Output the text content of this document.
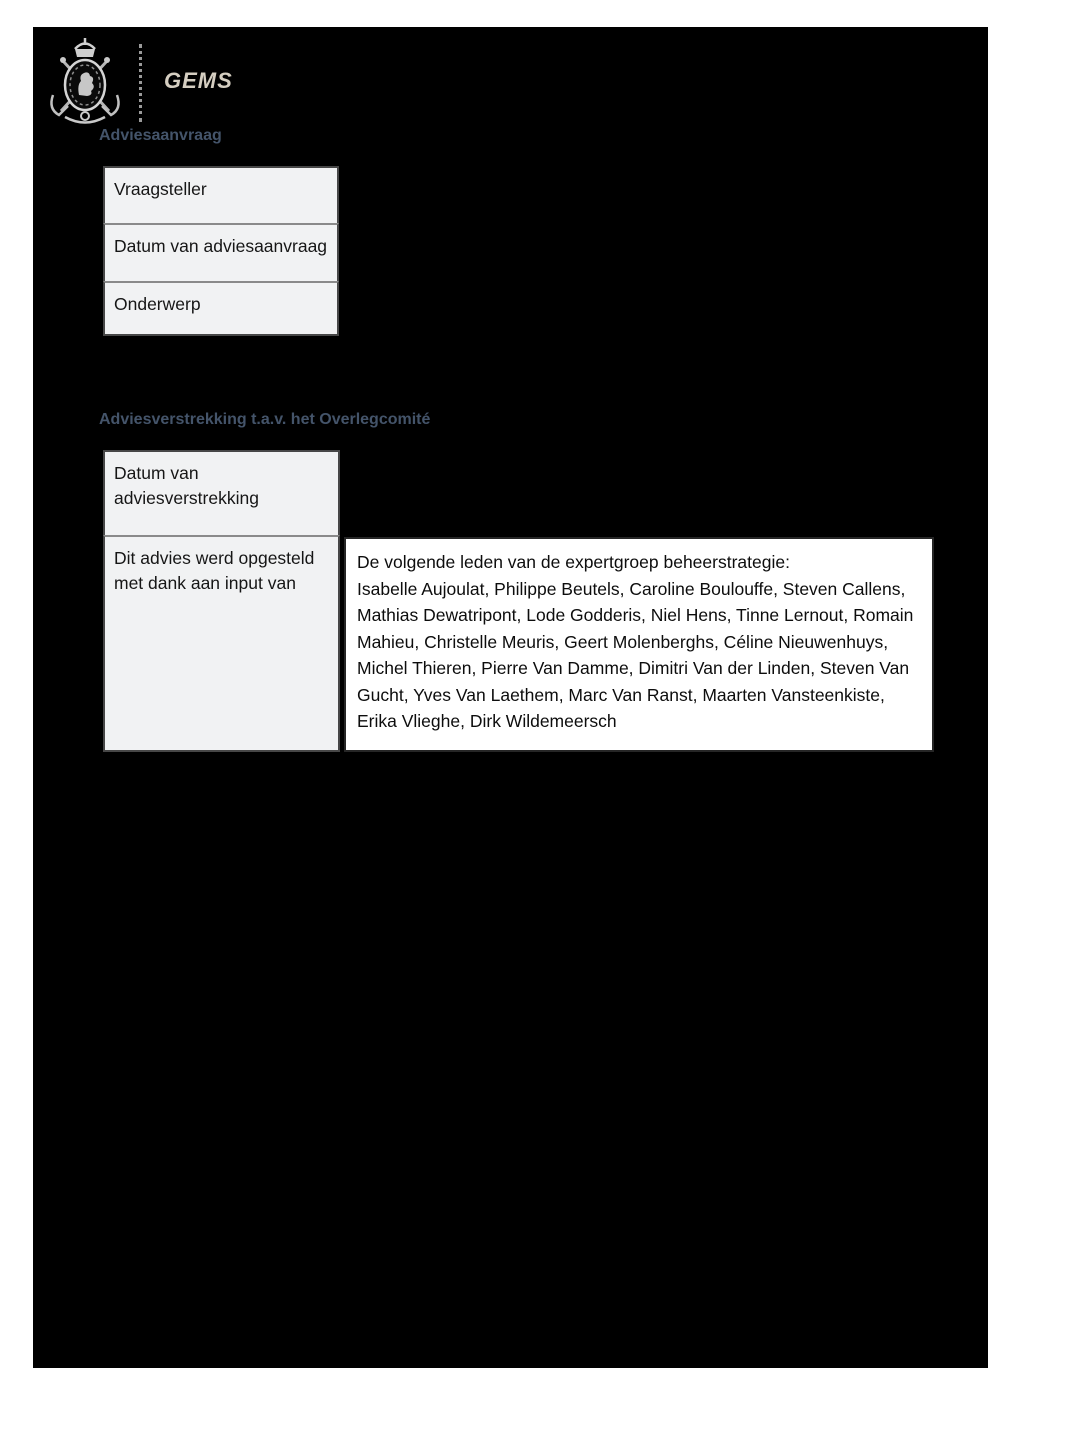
GEMS
Adviesaanvraag
Vraagsteller
Datum van adviesaanvraag
Onderwerp
Adviesverstrekking t.a.v. het Overlegcomité
Datum van adviesverstrekking
Dit advies werd opgesteld met dank aan input van
De volgende leden van de expertgroep beheerstrategie:
Isabelle Aujoulat, Philippe Beutels, Caroline Boulouffe, Steven Callens, Mathias Dewatripont, Lode Godderis, Niel Hens, Tinne Lernout, Romain Mahieu, Christelle Meuris, Geert Molenberghs, Céline Nieuwenhuys, Michel Thieren, Pierre Van Damme, Dimitri Van der Linden, Steven Van Gucht, Yves Van Laethem, Marc Van Ranst, Maarten Vansteenkiste, Erika Vlieghe, Dirk Wildemeersch
